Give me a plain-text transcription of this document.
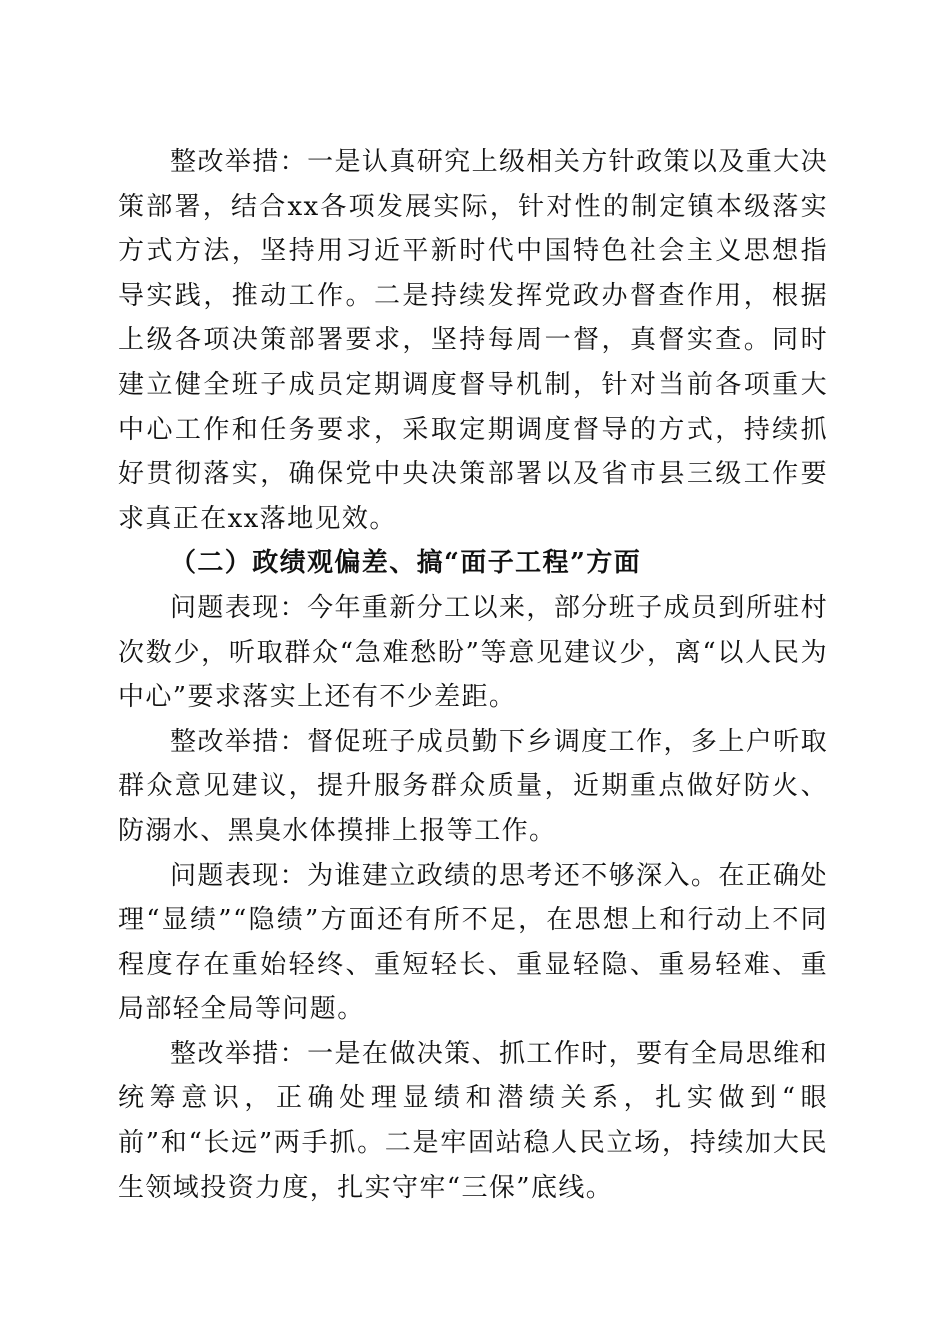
整改举措：一是认真研究上级相关方针政策以及重大决策部署，结合xx各项发展实际，针对性的制定镇本级落实方式方法，坚持用习近平新时代中国特色社会主义思想指导实践，推动工作。二是持续发挥党政办督查作用，根据上级各项决策部署要求，坚持每周一督，真督实查。同时建立健全班子成员定期调度督导机制，针对当前各项重大中心工作和任务要求，采取定期调度督导的方式，持续抓好贯彻落实，确保党中央决策部署以及省市县三级工作要求真正在xx落地见效。

（二）政绩观偏差、搞“面子工程”方面

问题表现：今年重新分工以来，部分班子成员到所驻村次数少，听取群众“急难愁盼”等意见建议少，离“以人民为中心”要求落实上还有不少差距。

整改举措：督促班子成员勤下乡调度工作，多上户听取群众意见建议，提升服务群众质量，近期重点做好防火、防溺水、黑臭水体摸排上报等工作。

问题表现：为谁建立政绩的思考还不够深入。在正确处理“显绩”“隐绩”方面还有所不足，在思想上和行动上不同程度存在重始轻终、重短轻长、重显轻隐、重易轻难、重局部轻全局等问题。

整改举措：一是在做决策、抓工作时，要有全局思维和统筹意识，正确处理显绩和潜绩关系，扎实做到“眼前”和“长远”两手抓。二是牢固站稳人民立场，持续加大民生领域投资力度，扎实守牢“三保”底线。
